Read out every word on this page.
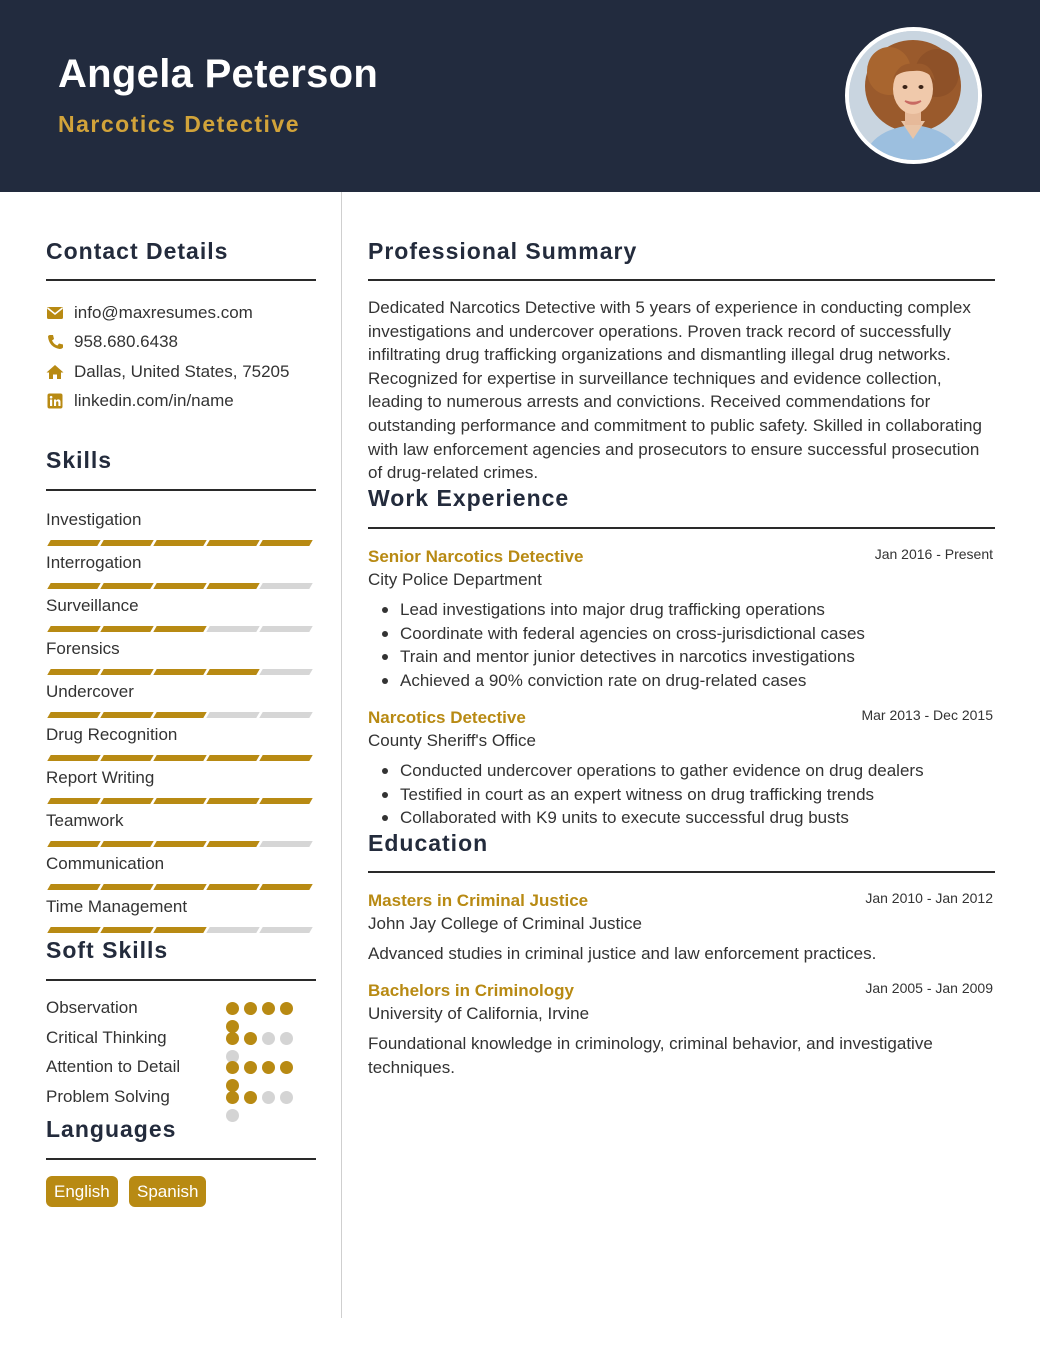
Angela Peterson
Narcotics Detective
Contact Details
info@maxresumes.com
958.680.6438
Dallas, United States, 75205
linkedin.com/in/name
Skills
Investigation
Interrogation
Surveillance
Forensics
Undercover
Drug Recognition
Report Writing
Teamwork
Communication
Time Management
Soft Skills
Observation
Critical Thinking
Attention to Detail
Problem Solving
Languages
English	Spanish
Professional Summary
Dedicated Narcotics Detective with 5 years of experience in conducting complex investigations and undercover operations. Proven track record of successfully infiltrating drug trafficking organizations and dismantling illegal drug networks. Recognized for expertise in surveillance techniques and evidence collection, leading to numerous arrests and convictions. Received commendations for outstanding performance and commitment to public safety. Skilled in collaborating with law enforcement agencies and prosecutors to ensure successful prosecution of drug-related crimes.
Work Experience
Senior Narcotics Detective	Jan 2016 - Present
City Police Department
Lead investigations into major drug trafficking operations
Coordinate with federal agencies on cross-jurisdictional cases
Train and mentor junior detectives in narcotics investigations
Achieved a 90% conviction rate on drug-related cases
Narcotics Detective	Mar 2013 - Dec 2015
County Sheriff's Office
Conducted undercover operations to gather evidence on drug dealers
Testified in court as an expert witness on drug trafficking trends
Collaborated with K9 units to execute successful drug busts
Education
Masters in Criminal Justice	Jan 2010 - Jan 2012
John Jay College of Criminal Justice
Advanced studies in criminal justice and law enforcement practices.
Bachelors in Criminology	Jan 2005 - Jan 2009
University of California, Irvine
Foundational knowledge in criminology, criminal behavior, and investigative techniques.
